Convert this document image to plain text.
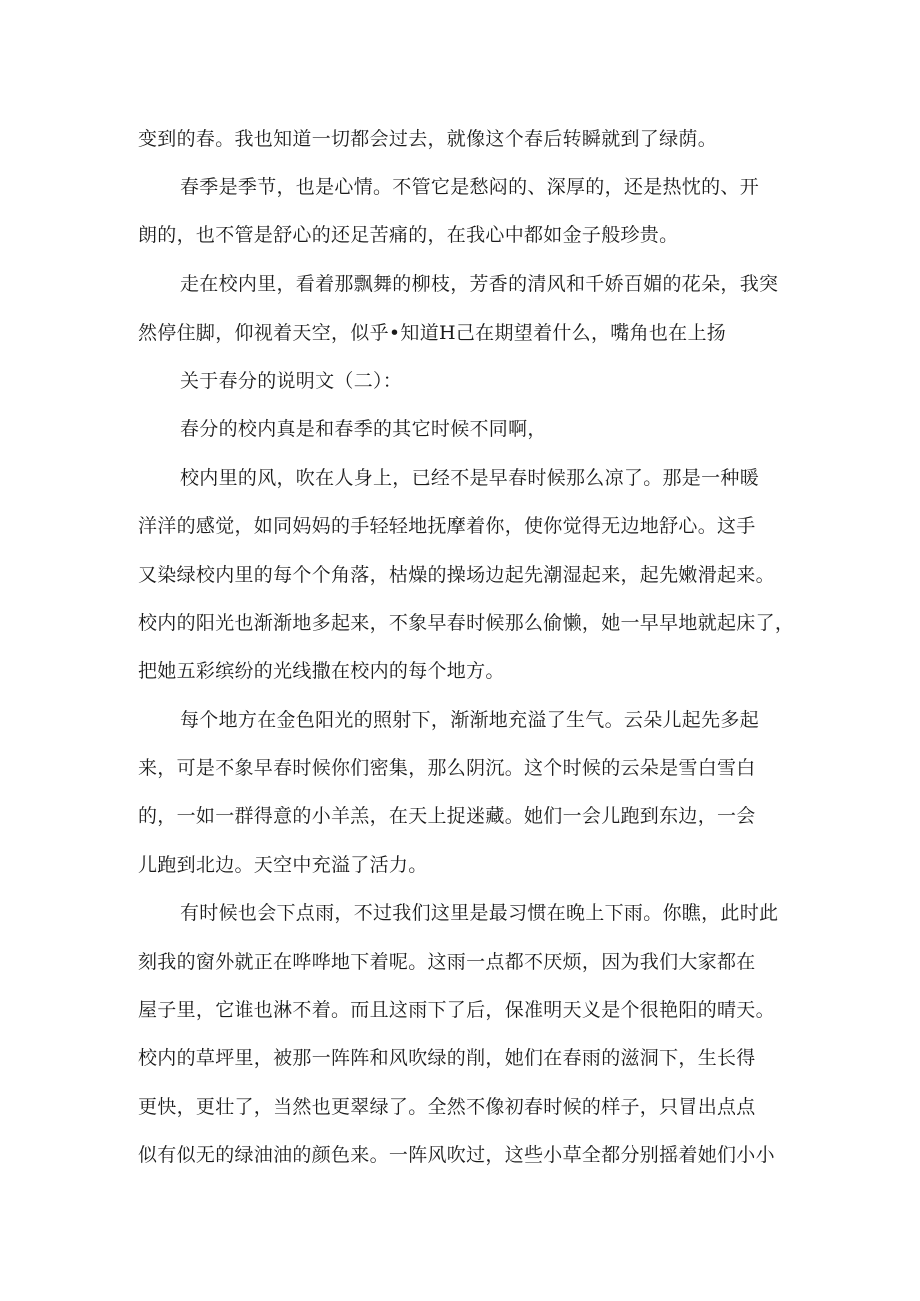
变到的春。我也知道一切都会过去，就像这个春后转瞬就到了绿荫。
春季是季节，也是心情。不管它是愁闷的、深厚的，还是热忱的、开
朗的，也不管是舒心的还足苦痛的，在我心中都如金子般珍贵。
走在校内里，看着那飘舞的柳枝，芳香的清风和千娇百媚的花朵，我突
然停住脚，仰视着天空，似乎•知道H己在期望着什么，嘴角也在上扬
关于春分的说明文（二）：
春分的校内真是和春季的其它时候不同啊，
校内里的风，吹在人身上，已经不是早春时候那么凉了。那是一种暖
洋洋的感觉，如同妈妈的手轻轻地抚摩着你，使你觉得无边地舒心。这手
又染绿校内里的每个个角落，枯燥的操场边起先潮湿起来，起先嫩滑起来。
校内的阳光也渐渐地多起来，不象早春时候那么偷懒，她一早早地就起床了，
把她五彩缤纷的光线撒在校内的每个地方。
每个地方在金色阳光的照射下，渐渐地充溢了生气。云朵儿起先多起
来，可是不象早春时候你们密集，那么阴沉。这个时候的云朵是雪白雪白
的，一如一群得意的小羊羔，在天上捉迷藏。她们一会儿跑到东边，一会
儿跑到北边。天空中充溢了活力。
有时候也会下点雨，不过我们这里是最习惯在晚上下雨。你瞧，此时此
刻我的窗外就正在哗哗地下着呢。这雨一点都不厌烦，因为我们大家都在
屋子里，它谁也淋不着。而且这雨下了后，保准明天义是个很艳阳的晴天。
校内的草坪里，被那一阵阵和风吹绿的削，她们在春雨的滋洞下，生长得
更快，更壮了，当然也更翠绿了。全然不像初春时候的样子，只冒出点点
似有似无的绿油油的颜色来。一阵风吹过，这些小草全都分别摇着她们小小
